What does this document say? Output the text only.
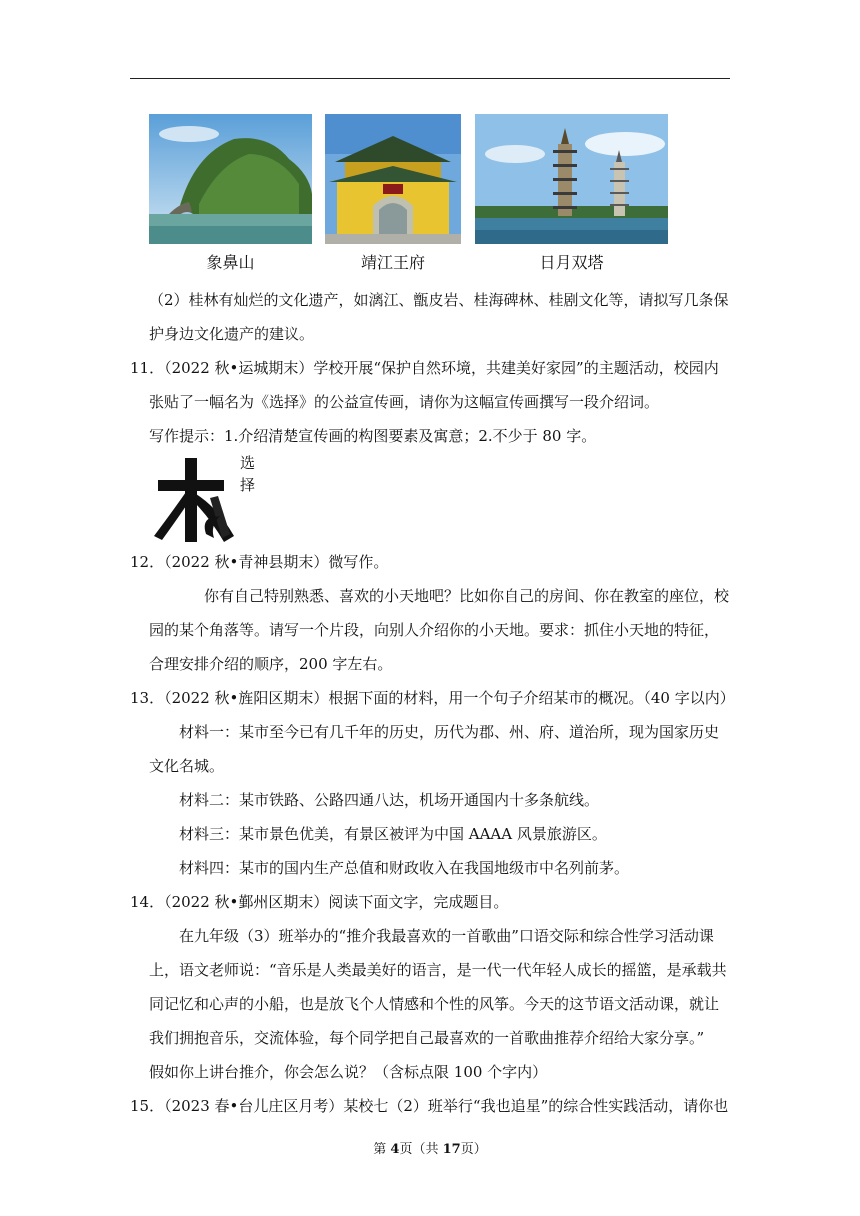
象鼻山	靖江王府	日月双塔
（2）桂林有灿烂的文化遗产，如漓江、甑皮岩、桂海碑林、桂剧文化等，请拟写几条保
护身边文化遗产的建议。
11．（2022 秋•运城期末）学校开展“保护自然环境，共建美好家园”的主题活动，校园内
张贴了一幅名为《选择》的公益宣传画，请你为这幅宣传画撰写一段介绍词。
写作提示：1.介绍清楚宣传画的构图要素及寓意；2.不少于 80 字。
选
择
12．（2022 秋•青神县期末）微写作。
你有自己特别熟悉、喜欢的小天地吧？比如你自己的房间、你在教室的座位，校
园的某个角落等。请写一个片段，向别人介绍你的小天地。要求：抓住小天地的特征，
合理安排介绍的顺序，200 字左右。
13．（2022 秋•旌阳区期末）根据下面的材料，用一个句子介绍某市的概况。（40 字以内）
材料一：某市至今已有几千年的历史，历代为郡、州、府、道治所，现为国家历史
文化名城。
材料二：某市铁路、公路四通八达，机场开通国内十多条航线。
材料三：某市景色优美，有景区被评为中国 AAAA 风景旅游区。
材料四：某市的国内生产总值和财政收入在我国地级市中名列前茅。
14．（2022 秋•鄞州区期末）阅读下面文字，完成题目。
在九年级（3）班举办的“推介我最喜欢的一首歌曲”口语交际和综合性学习活动课
上，语文老师说：“音乐是人类最美好的语言，是一代一代年轻人成长的摇篮，是承载共
同记忆和心声的小船，也是放飞个人情感和个性的风筝。今天的这节语文活动课，就让
我们拥抱音乐，交流体验，每个同学把自己最喜欢的一首歌曲推荐介绍给大家分享。”
假如你上讲台推介，你会怎么说？（含标点限 100 个字内）
15．（2023 春•台儿庄区月考）某校七（2）班举行“我也追星”的综合性实践活动，请你也
第 4页（共 17页）
